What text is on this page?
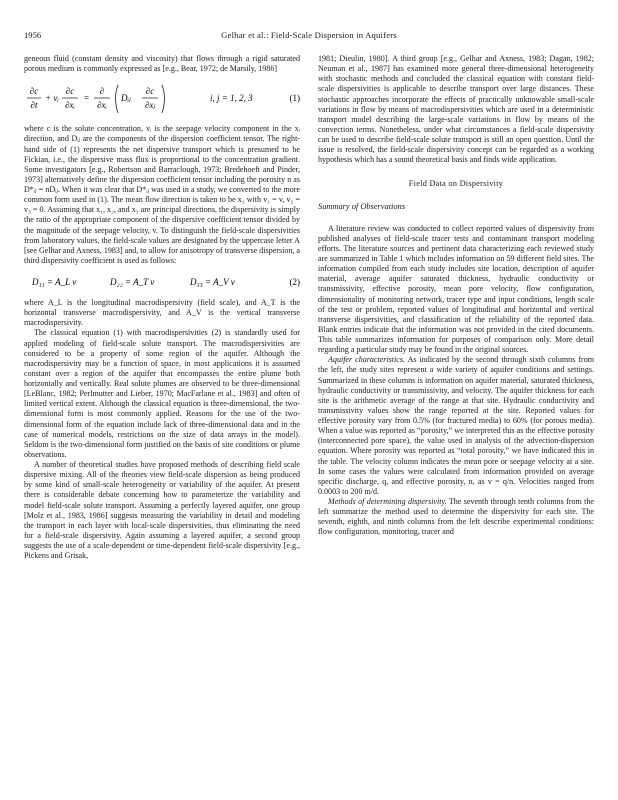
1956	Gelhar et al.: Field-Scale Dispersion in Aquifers

geneous fluid (constant density and viscosity) that flows through a rigid saturated porous medium is commonly expressed as [e.g., Bear, 1972; de Marsily, 1986]

∂c
∂t
+ vᵢ
∂c
∂xᵢ
=
∂
∂xᵢ
Dᵢⱼ
∂c
∂xⱼ
i, j = 1, 2, 3	(1)

where c is the solute concentration, vᵢ is the seepage velocity component in the xᵢ direction, and Dᵢⱼ are the components of the dispersion coefficient tensor. The right-hand side of (1) represents the net dispersive transport which is presumed to be Fickian, i.e., the dispersive mass flux is proportional to the concentration gradient. Some investigators [e.g., Robertson and Barraclough, 1973; Bredehoeft and Pinder, 1973] alternatively define the dispersion coefficient tensor including the porosity n as D*ᵢⱼ = nDᵢⱼ. When it was clear that D*ᵢⱼ was used in a study, we converted to the more common form used in (1). The mean flow direction is taken to be x₁ with v₁ = v, v₂ = v₃ = 0. Assuming that x₁, x₂, and x₃ are principal directions, the dispersivity is simply the ratio of the appropriate component of the dispersive coefficient tensor divided by the magnitude of the seepage velocity, v. To distinguish the field-scale dispersivities from laboratory values, the field-scale values are designated by the uppercase letter A [see Gelhar and Axness, 1983] and, to allow for anisotropy of transverse dispersion, a third dispersivity coefficient is used as follows:

D₁₁ = A_L v	D₂₂ = A_T v	D₃₃ = A_V v	(2)

where A_L is the longitudinal macrodispersivity (field scale), and A_T is the horizontal transverse macrodispersivity, and A_V is the vertical transverse macrodispersivity.

The classical equation (1) with macrodispersivities (2) is standardly used for applied modeling of field-scale solute transport. The macrodispersivities are considered to be a property of some region of the aquifer. Although the macrodispersivity may be a function of space, in most applications it is assumed constant over a region of the aquifer that encompasses the entire plume both horizontally and vertically. Real solute plumes are observed to be three-dimensional [LeBlanc, 1982; Perlmutter and Lieber, 1970; MacFarlane et al., 1983] and often of limited vertical extent. Although the classical equation is three-dimensional, the two-dimensional form is most commonly applied. Reasons for the use of the two-dimensional form of the equation include lack of three-dimensional data and in the case of numerical models, restrictions on the size of data arrays in the model). Seldom is the two-dimensional form justified on the basis of site conditions or plume observations.

A number of theoretical studies have proposed methods of describing field scale dispersive mixing. All of the theories view field-scale dispersion as being produced by some kind of small-scale heterogeneity or variability of the aquifer. At present there is considerable debate concerning how to parameterize the variability and model field-scale solute transport. Assuming a perfectly layered aquifer, one group [Molz et al., 1983, 1986] suggests measuring the variability in detail and modeling the transport in each layer with local-scale dispersivities, thus eliminating the need for a field-scale dispersivity. Again assuming a layered aquifer, a second group suggests the use of a scale-dependent or time-dependent field-scale dispersivity [e.g., Pickens and Grisak,

1981; Dieulin, 1980]. A third group [e.g., Gelhar and Axness, 1983; Dagan, 1982; Neuman et al., 1987] has examined more general three-dimensional heterogeneity with stochastic methods and concluded the classical equation with constant field-scale dispersivities is applicable to describe transport over large distances. These stochastic approaches incorporate the effects of practically unknowable small-scale variations in flow by means of macrodispersivities which are used in a deterministic transport model describing the large-scale variations in flow by means of the convection terms. Nonetheless, under what circumstances a field-scale dispersivity can be used to describe field-scale solute transport is still an open question. Until the issue is resolved, the field-scale dispersivity concept can be regarded as a working hypothesis which has a sound theoretical basis and finds wide application.

Field Data on Dispersivity
Summary of Observations

A literature review was conducted to collect reported values of dispersivity from published analyses of field-scale tracer tests and contaminant transport modeling efforts. The literature sources and pertinent data characterizing each reviewed study are summarized in Table 1 which includes information on 59 different field sites. The information compiled from each study includes site location, description of aquifer material, average aquifer saturated thickness, hydraulic conductivity or transmissivity, effective porosity, mean pore velocity, flow configuration, dimensionality of monitoring network, tracer type and input conditions, length scale of the test or problem, reported values of longitudinal and horizontal and vertical transverse dispersivities, and classification of the reliability of the reported data. Blank entries indicate that the information was not provided in the cited documents. This table summarizes information for purposes of comparison only. More detail regarding a particular study may be found in the original sources.

Aquifer characteristics. As indicated by the second through sixth columns from the left, the study sites represent a wide variety of aquifer conditions and settings. Summarized in these columns is information on aquifer material, saturated thickness, hydraulic conductivity or transmissivity, and velocity. The aquifer thickness for each site is the arithmetic average of the range at that site. Hydraulic conductivity and transmissivity values show the range reported at the site. Reported values for effective porosity vary from 0.5% (for fractured media) to 60% (for porous media). When a value was reported as “porosity,” we interpreted this as the effective porosity (interconnected pore space), the value used in analysis of the advection-dispersion equation. Where porosity was reported as “total porosity,” we have indicated this in the table. The velocity column indicates the mean pore or seepage velocity at a site. In some cases the values were calculated from information provided on average specific discharge, q, and effective porosity, n, as v = q/n. Velocities ranged from 0.0003 to 200 m/d.

Methods of determining dispersivity. The seventh through tenth columns from the left summarize the method used to determine the dispersivity for each site. The seventh, eighth, and ninth columns from the left describe experimental conditions: flow configuration, monitoring, tracer and
